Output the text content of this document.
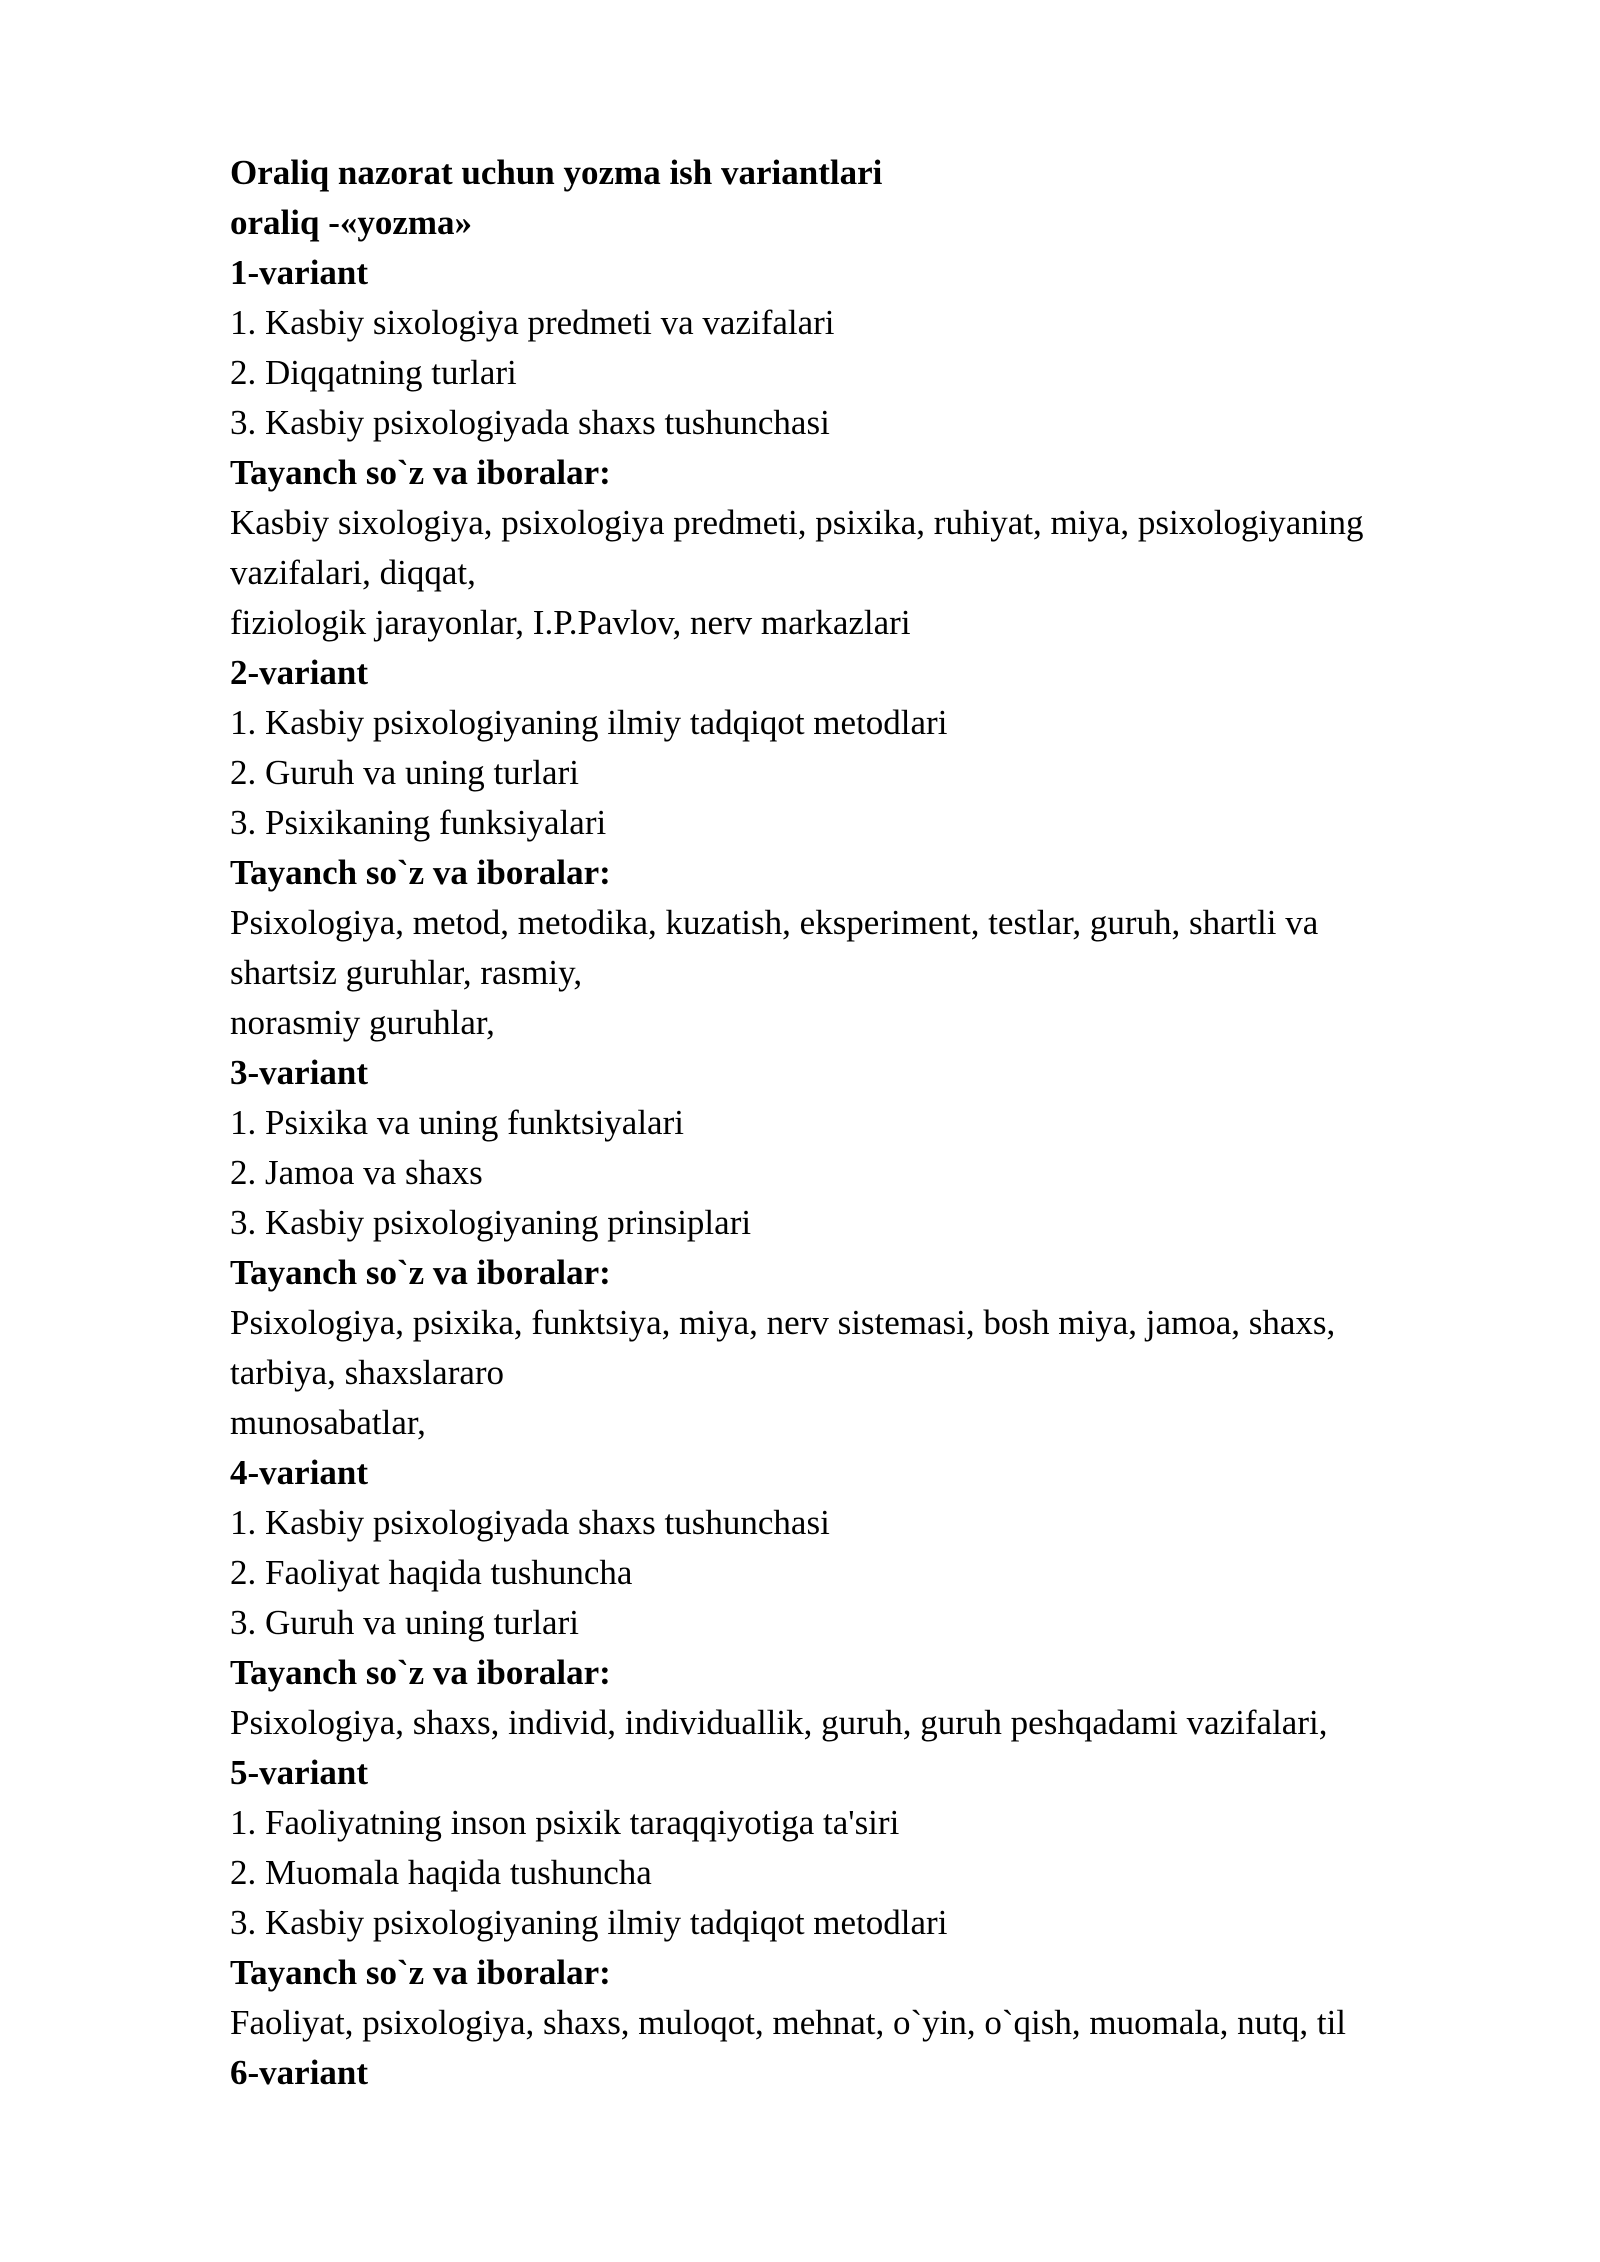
Oraliq nazorat uchun yozma ish variantlari

oraliq -«yozma»

1-variant

1. Kasbiy sixologiya predmeti va vazifalari

2. Diqqatning turlari

3. Kasbiy psixologiyada shaxs tushunchasi

Tayanch so`z va iboralar:

Kasbiy sixologiya, psixologiya predmeti, psixika, ruhiyat, miya, psixologiyaning

vazifalari, diqqat,

fiziologik jarayonlar, I.P.Pavlov, nerv markazlari

2-variant

1. Kasbiy psixologiyaning ilmiy tadqiqot metodlari

2. Guruh va uning turlari

3. Psixikaning funksiyalari

Tayanch so`z va iboralar:

Psixologiya, metod, metodika, kuzatish, eksperiment, testlar, guruh, shartli va

shartsiz guruhlar, rasmiy,

norasmiy guruhlar,

3-variant

1. Psixika va uning funktsiyalari

2. Jamoa va shaxs

3. Kasbiy psixologiyaning prinsiplari

Tayanch so`z va iboralar:

Psixologiya, psixika, funktsiya, miya, nerv sistemasi, bosh miya, jamoa, shaxs,

tarbiya, shaxslararo

munosabatlar,

4-variant

1. Kasbiy psixologiyada shaxs tushunchasi

2. Faoliyat haqida tushuncha

3. Guruh va uning turlari

Tayanch so`z va iboralar:

Psixologiya, shaxs, individ, individuallik, guruh, guruh peshqadami vazifalari,

5-variant

1. Faoliyatning inson psixik taraqqiyotiga ta'siri

2. Muomala haqida tushuncha

3. Kasbiy psixologiyaning ilmiy tadqiqot metodlari

Tayanch so`z va iboralar:

Faoliyat, psixologiya, shaxs, muloqot, mehnat, o`yin, o`qish, muomala, nutq, til

6-variant
